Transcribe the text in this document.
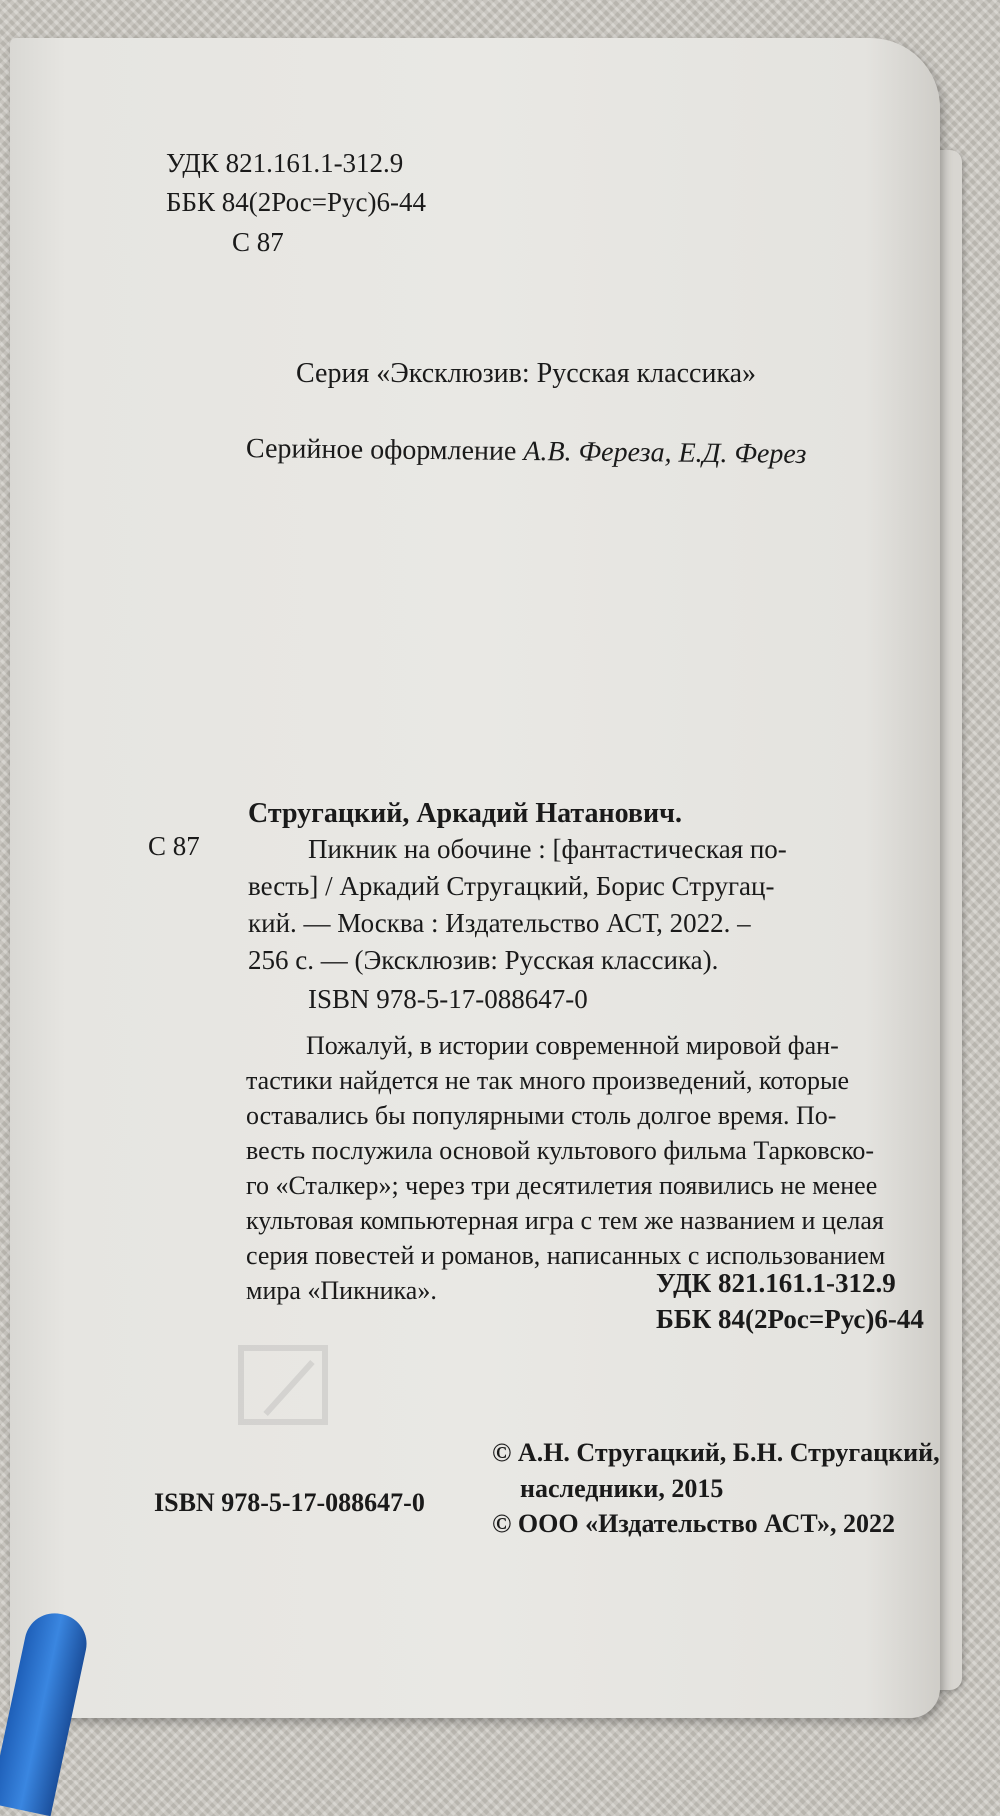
УДК 821.161.1-312.9
ББК 84(2Рос=Рус)6-44
С 87
Серия «Эксклюзив: Русская классика»
Серийное оформление А.В. Фереза, Е.Д. Ферез
Стругацкий, Аркадий Натанович.
С 87	Пикник на обочине : [фантастическая по-
весть] / Аркадий Стругацкий, Борис Стругац-
кий. — Москва : Издательство АСТ, 2022. –
256 с. — (Эксклюзив: Русская классика).
ISBN 978-5-17-088647-0
Пожалуй, в истории современной мировой фан-
тастики найдется не так много произведений, которые
оставались бы популярными столь долгое время. По-
весть послужила основой культового фильма Тарковско-
го «Сталкер»; через три десятилетия появились не менее
культовая компьютерная игра с тем же названием и целая
серия повестей и романов, написанных с использованием
мира «Пикника».	УДК 821.161.1-312.9
ББК 84(2Рос=Рус)6-44
© А.Н. Стругацкий, Б.Н. Стругацкий,
наследники, 2015
© ООО «Издательство АСТ», 2022
ISBN 978-5-17-088647-0
